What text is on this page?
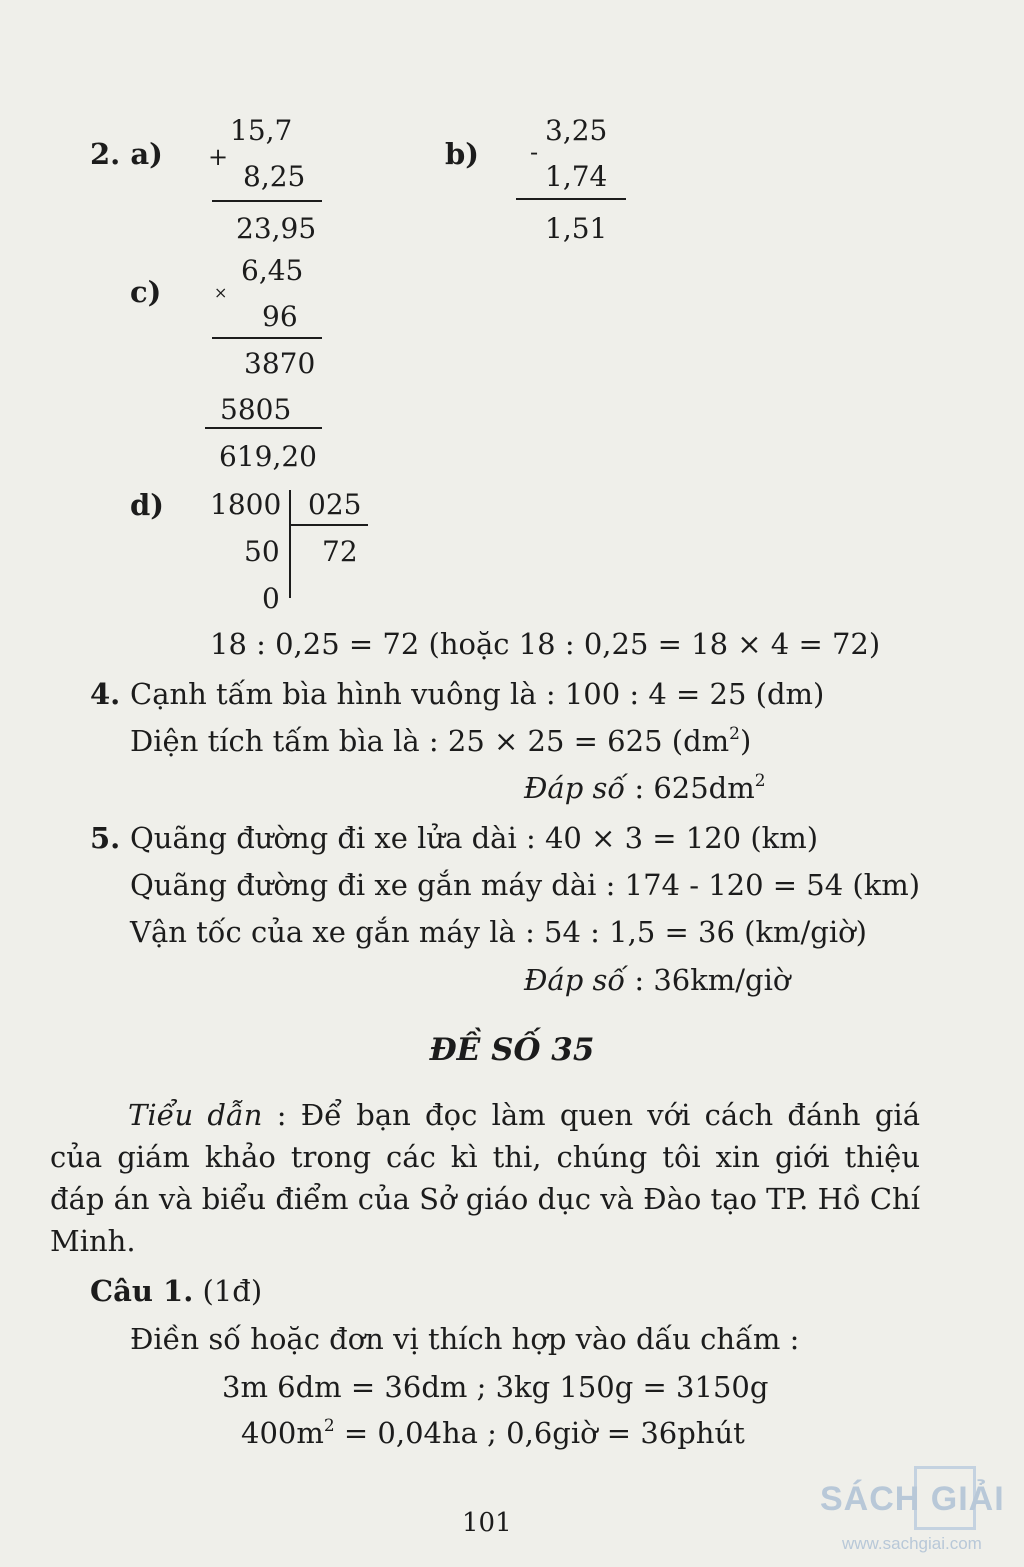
2. a)
15,7
+
8,25
23,95
b) -
3,25
1,74
1,51
c)	×
6,45
96
3870
5805
619,20
d) 1800 025
50 72
0
18 : 0,25 = 72 (hoặc 18 : 0,25 = 18 × 4 = 72)
4. Cạnh tấm bìa hình vuông là : 100 : 4 = 25 (dm)
Diện tích tấm bìa là : 25 × 25 = 625 $(dm^2)$
Đáp số : $625dm^2$
5. Quãng đường đi xe lửa dài : 40 × 3 = 120 (km)
Quãng đường đi xe gắn máy dài : 174 - 120 = 54 (km)
Vận tốc của xe gắn máy là : 54 : 1,5 = 36 (km/giờ)
Đáp số : 36km/giờ
ĐỀ SỐ 35
Tiểu dẫn : Để bạn đọc làm quen với cách đánh giá của giám khảo trong các kì thi, chúng tôi xin giới thiệu đáp án và biểu điểm của Sở giáo dục và Đào tạo TP. Hồ Chí Minh.
Câu 1. (1đ)
Điền số hoặc đơn vị thích hợp vào dấu chấm :
3m 6dm = 36dm ; 3kg 150g = 3150g
$400m^2 = 0,04ha$ ; 0,6giờ = 36phút
101
SÁCH GIẢI
www.sachgiai.com
